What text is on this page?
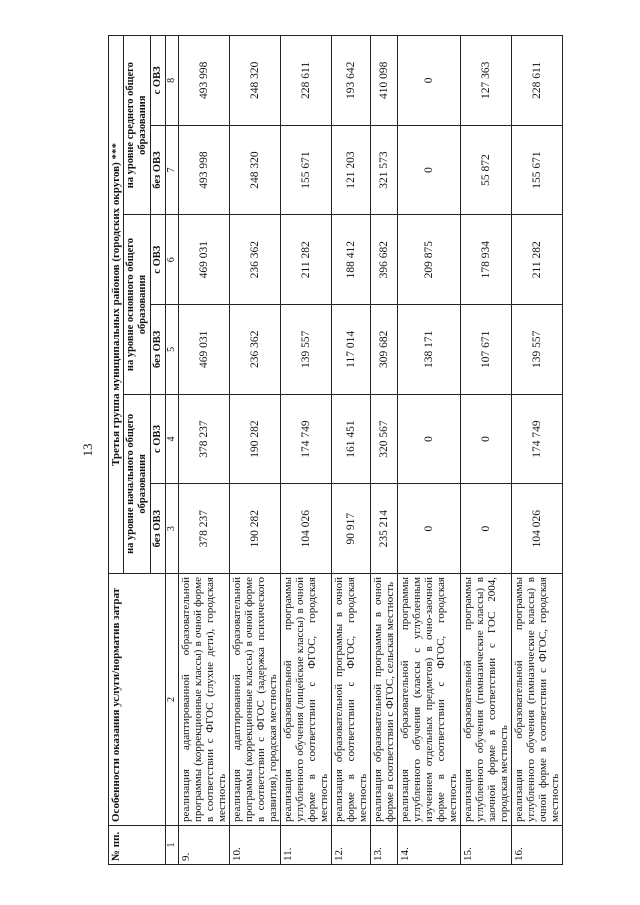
13
№ пп.	Особенности оказания услуги/норматив затрат	Третья группа муниципальных районов (городских округов) ***					
		на уровне начального общего образования		на уровне основного общего образования		на уровне среднего общего образования	
		без ОВЗ	с ОВЗ	без ОВЗ	с ОВЗ	без ОВЗ	с ОВЗ
1	2	3	4	5	6	7	8
9.	реализация адаптированной образовательной программы (коррекционные классы) в очной форме в соответствии с ФГОС (глухие дети), городская местность	378 237	378 237	469 031	469 031	493 998	493 998
10.	реализация адаптированной образовательной программы (коррекционные классы) в очной форме в соответствии с ФГОС (задержка психического развития), городская местность	190 282	190 282	236 362	236 362	248 320	248 320
11.	реализация образовательной программы углубленного обучения (лицейские классы) в очной форме в соответствии с ФГОС, городская местность	104 026	174 749	139 557	211 282	155 671	228 611
12.	реализация образовательной программы в очной форме в соответствии с ФГОС, городская местность	90 917	161 451	117 014	188 412	121 203	193 642
13.	реализация образовательной программы в очной форме в соответствии с ФГОС, сельская местность	235 214	320 567	309 682	396 682	321 573	410 098
14.	реализация образовательной программы углубленного обучения (классы с углубленным изучением отдельных предметов) в очно-заочной форме в соответствии с ФГОС, городская местность	0	0	138 171	209 875	0	0
15.	реализация образовательной программы углубленного обучения (гимназические классы) в заочной форме в соответствии с ГОС 2004, городская местность	0	0	107 671	178 934	55 872	127 363
16.	реализация образовательной программы углубленного обучения (гимназические классы) в очной форме в соответствии с ФГОС, городская местность	104 026	174 749	139 557	211 282	155 671	228 611
